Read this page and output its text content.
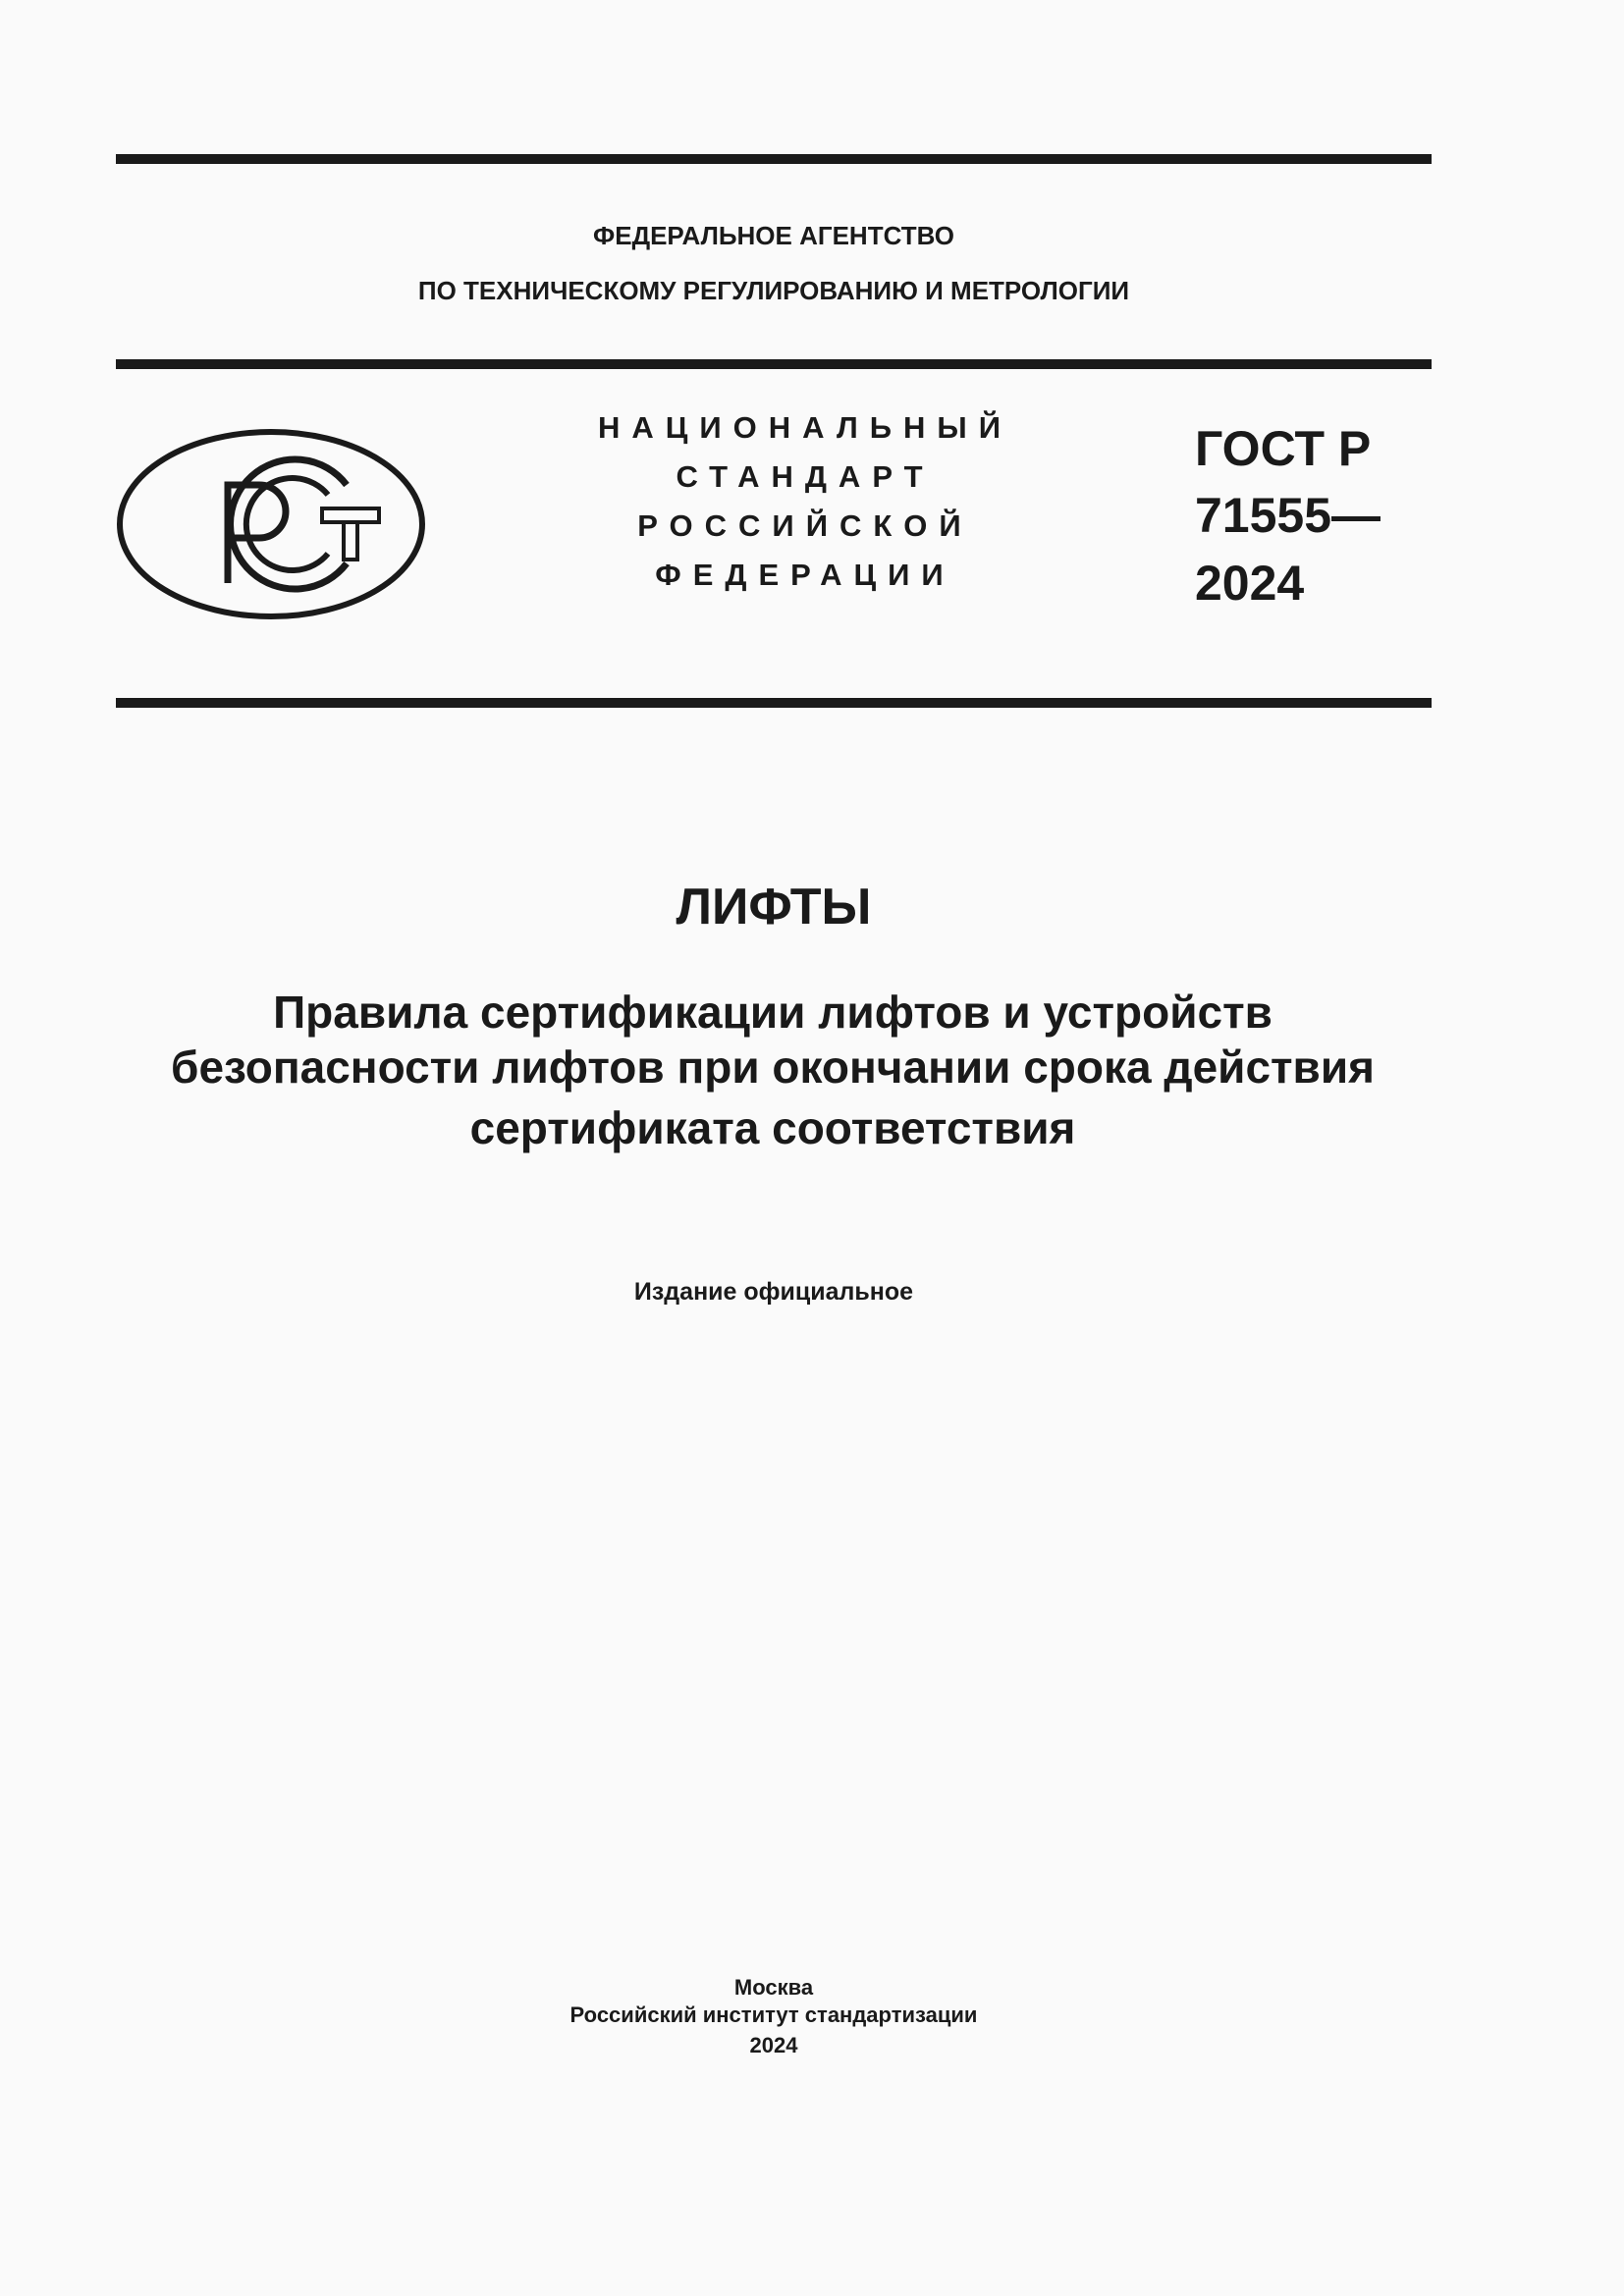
ФЕДЕРАЛЬНОЕ АГЕНТСТВО
ПО ТЕХНИЧЕСКОМУ РЕГУЛИРОВАНИЮ И МЕТРОЛОГИИ
НАЦИОНАЛЬНЫЙ
СТАНДАРТ
РОССИЙСКОЙ
ФЕДЕРАЦИИ
ГОСТ Р
71555—
2024
ЛИФТЫ
Правила сертификации лифтов и устройств
безопасности лифтов при окончании срока действия
сертификата соответствия
Издание официальное
Москва
Российский институт стандартизации
2024
